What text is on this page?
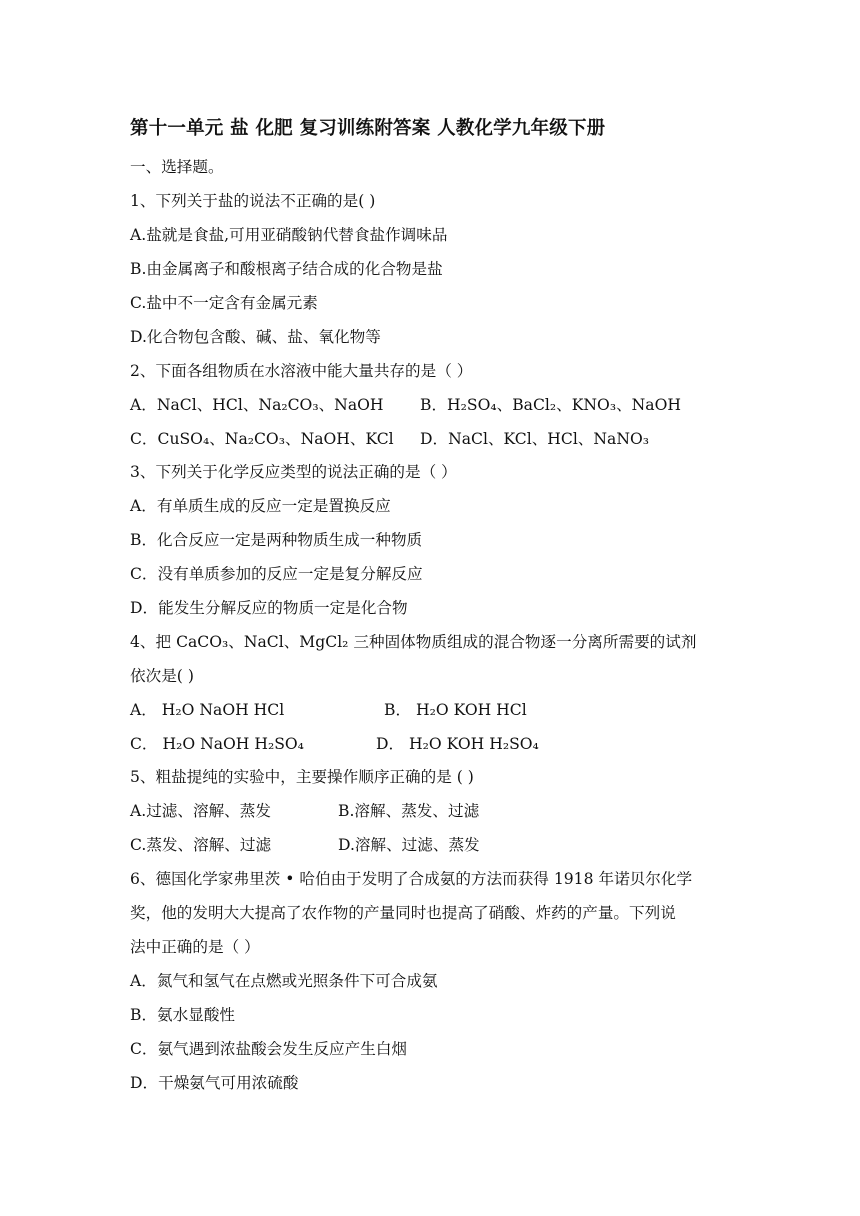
第十一单元 盐 化肥 复习训练附答案 人教化学九年级下册
一、选择题。
1、下列关于盐的说法不正确的是( )
A.盐就是食盐,可用亚硝酸钠代替食盐作调味品
B.由金属离子和酸根离子结合成的化合物是盐
C.盐中不一定含有金属元素
D.化合物包含酸、碱、盐、氧化物等
2、下面各组物质在水溶液中能大量共存的是（ ）
A．NaCl、HCl、Na₂CO₃、NaOH B．H₂SO₄、BaCl₂、KNO₃、NaOH
C．CuSO₄、Na₂CO₃、NaOH、KCl D．NaCl、KCl、HCl、NaNO₃
3、下列关于化学反应类型的说法正确的是（ ）
A．有单质生成的反应一定是置换反应
B．化合反应一定是两种物质生成一种物质
C．没有单质参加的反应一定是复分解反应
D．能发生分解反应的物质一定是化合物
4、把 CaCO₃、NaCl、MgCl₂ 三种固体物质组成的混合物逐一分离所需要的试剂
依次是( )
A． H₂O NaOH HCl	B． H₂O KOH HCl
C． H₂O NaOH H₂SO₄	D． H₂O KOH H₂SO₄
5、粗盐提纯的实验中，主要操作顺序正确的是 ( )
A.过滤、溶解、蒸发	B.溶解、蒸发、过滤
C.蒸发、溶解、过滤	D.溶解、过滤、蒸发
6、德国化学家弗里茨 • 哈伯由于发明了合成氨的方法而获得 1918 年诺贝尔化学
奖，他的发明大大提高了农作物的产量同时也提高了硝酸、炸药的产量。下列说
法中正确的是（ ）
A．氮气和氢气在点燃或光照条件下可合成氨
B．氨水显酸性
C．氨气遇到浓盐酸会发生反应产生白烟
D．干燥氨气可用浓硫酸
